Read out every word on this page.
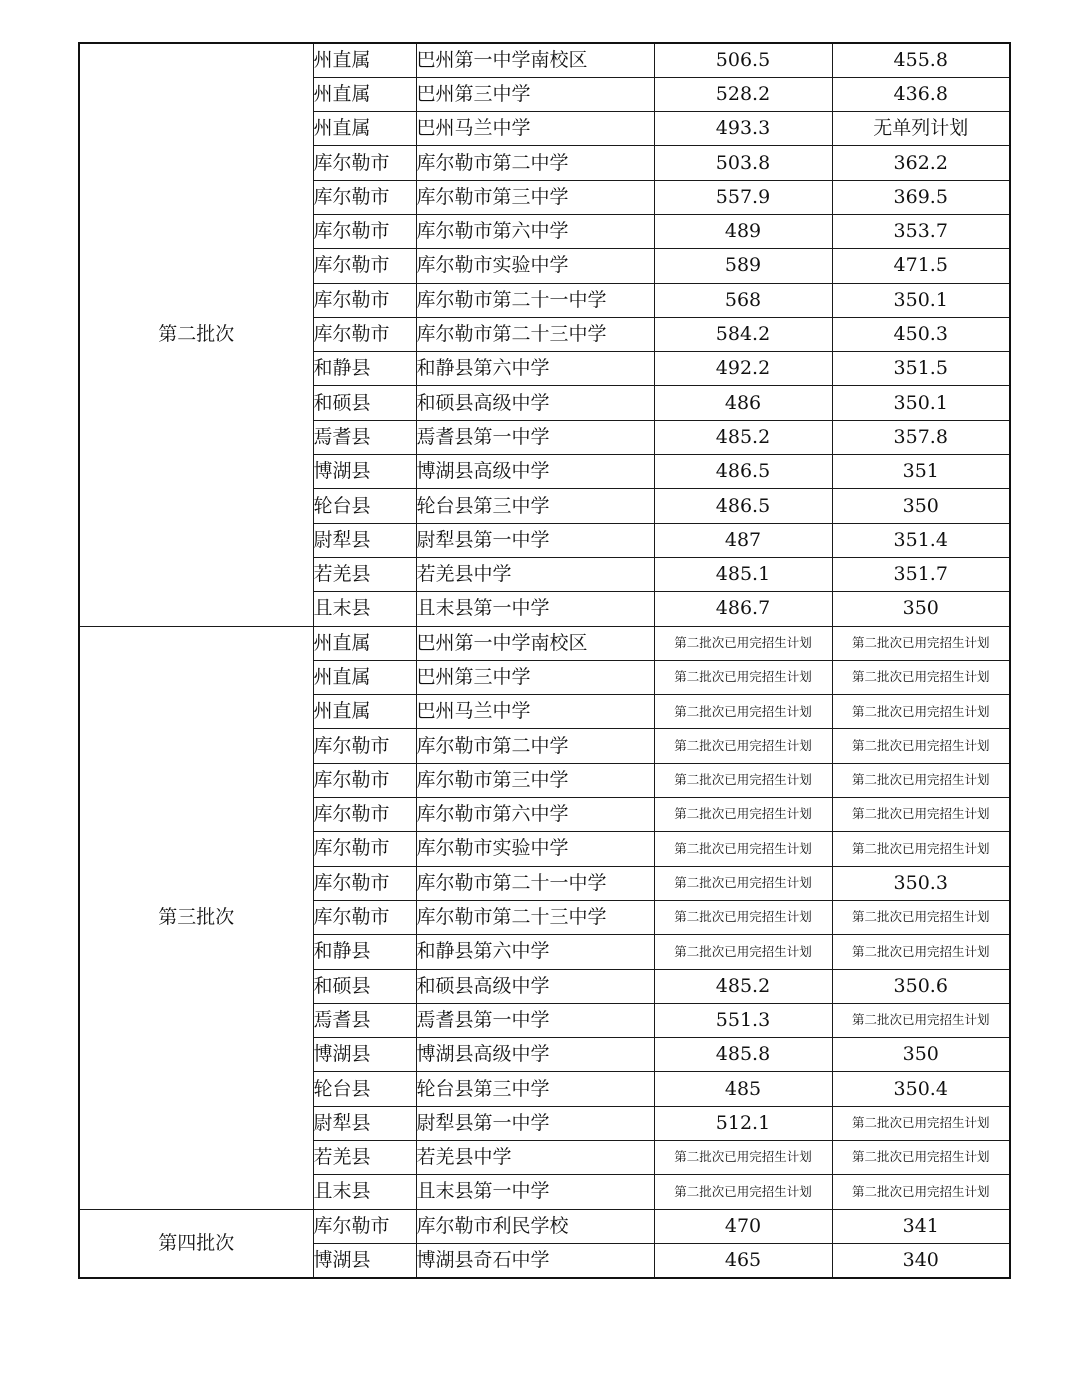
第二批次	州直属	巴州第一中学南校区	506.5	455.8
	州直属	巴州第三中学	528.2	436.8
	州直属	巴州马兰中学	493.3	无单列计划
	库尔勒市	库尔勒市第二中学	503.8	362.2
	库尔勒市	库尔勒市第三中学	557.9	369.5
	库尔勒市	库尔勒市第六中学	489	353.7
	库尔勒市	库尔勒市实验中学	589	471.5
	库尔勒市	库尔勒市第二十一中学	568	350.1
	库尔勒市	库尔勒市第二十三中学	584.2	450.3
	和静县	和静县第六中学	492.2	351.5
	和硕县	和硕县高级中学	486	350.1
	焉耆县	焉耆县第一中学	485.2	357.8
	博湖县	博湖县高级中学	486.5	351
	轮台县	轮台县第三中学	486.5	350
	尉犁县	尉犁县第一中学	487	351.4
	若羌县	若羌县中学	485.1	351.7
	且末县	且末县第一中学	486.7	350
第三批次	州直属	巴州第一中学南校区	第二批次已用完招生计划	第二批次已用完招生计划
	州直属	巴州第三中学	第二批次已用完招生计划	第二批次已用完招生计划
	州直属	巴州马兰中学	第二批次已用完招生计划	第二批次已用完招生计划
	库尔勒市	库尔勒市第二中学	第二批次已用完招生计划	第二批次已用完招生计划
	库尔勒市	库尔勒市第三中学	第二批次已用完招生计划	第二批次已用完招生计划
	库尔勒市	库尔勒市第六中学	第二批次已用完招生计划	第二批次已用完招生计划
	库尔勒市	库尔勒市实验中学	第二批次已用完招生计划	第二批次已用完招生计划
	库尔勒市	库尔勒市第二十一中学	第二批次已用完招生计划	350.3
	库尔勒市	库尔勒市第二十三中学	第二批次已用完招生计划	第二批次已用完招生计划
	和静县	和静县第六中学	第二批次已用完招生计划	第二批次已用完招生计划
	和硕县	和硕县高级中学	485.2	350.6
	焉耆县	焉耆县第一中学	551.3	第二批次已用完招生计划
	博湖县	博湖县高级中学	485.8	350
	轮台县	轮台县第三中学	485	350.4
	尉犁县	尉犁县第一中学	512.1	第二批次已用完招生计划
	若羌县	若羌县中学	第二批次已用完招生计划	第二批次已用完招生计划
	且末县	且末县第一中学	第二批次已用完招生计划	第二批次已用完招生计划
第四批次	库尔勒市	库尔勒市利民学校	470	341
	博湖县	博湖县奇石中学	465	340
